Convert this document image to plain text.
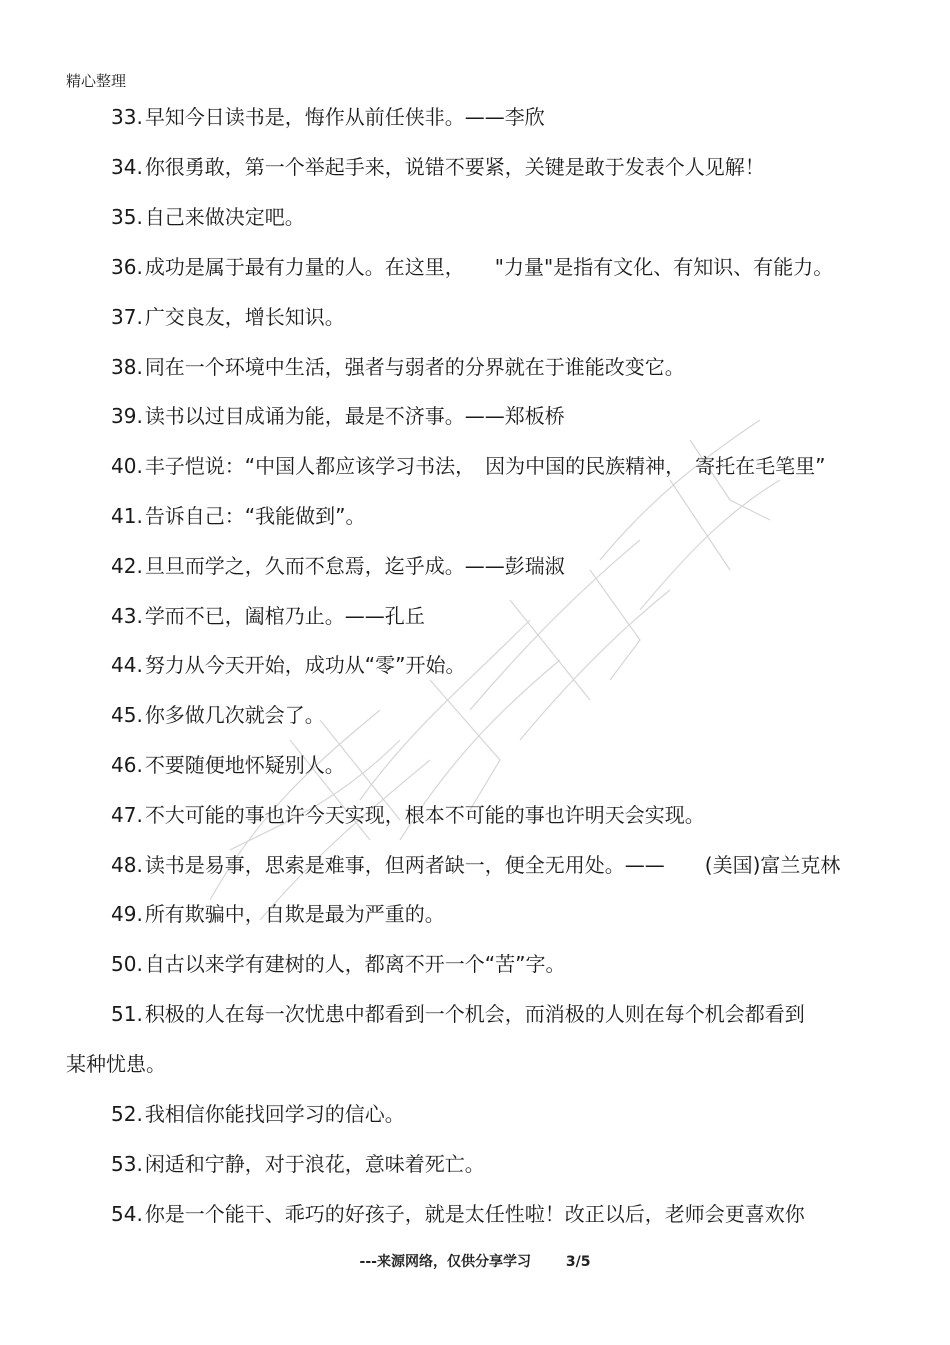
精心整理
33. 早知今日读书是，悔作从前任侠非。——李欣
34. 你很勇敢，第一个举起手来，说错不要紧，关键是敢于发表个人见解！
35. 自己来做决定吧。
36. 成功是属于最有力量的人。在这里，　　"力量"是指有文化、有知识、有能力。
37. 广交良友，增长知识。
38. 同在一个环境中生活，强者与弱者的分界就在于谁能改变它。
39. 读书以过目成诵为能，最是不济事。——郑板桥
40. 丰子恺说：“中国人都应该学习书法，　因为中国的民族精神，　寄托在毛笔里”
41. 告诉自己：“我能做到”。
42. 旦旦而学之，久而不怠焉，迄乎成。——彭瑞淑
43. 学而不已，阖棺乃止。——孔丘
44. 努力从今天开始，成功从“零”开始。
45. 你多做几次就会了。
46. 不要随便地怀疑别人。
47. 不大可能的事也许今天实现，根本不可能的事也许明天会实现。
48. 读书是易事，思索是难事，但两者缺一，便全无用处。——　　(美国)富兰克林
49. 所有欺骗中，自欺是最为严重的。
50. 自古以来学有建树的人，都离不开一个“苦”字。
51. 积极的人在每一次忧患中都看到一个机会，而消极的人则在每个机会都看到
某种忧患。
52. 我相信你能找回学习的信心。
53. 闲适和宁静，对于浪花，意味着死亡。
54. 你是一个能干、乖巧的好孩子，就是太任性啦！改正以后，老师会更喜欢你
---来源网络，仅供分享学习 3/5
